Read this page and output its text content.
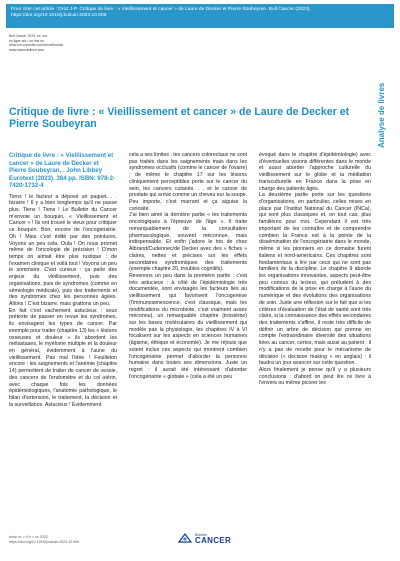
Pour citer cet article : Droz J-P. Critique de livre : « Vieillissement et cancer » de Laure de Decker et Pierre Soubeyran. Bull Cancer (2023), https://doi.org/10.1016/j.bulcan.2023.10.008
Bull Cancer 2023; xx: xxx
en ligne sur / on line on
www.em-consulte.com/revue/bulcan
www.sciencedirect.com
Analyse de livres
Critique de livre : « Vieillissement et cancer » de Laure de Decker et Pierre Soubeyran
Critique de livre : « Vieillissement et cancer » de Laure de Decker et Pierre Soubeyran, . John Libbey Eurotext (2023). 384 pp. ISBN: 978-2-7420-1732-4

Tiens ! le facteur a déposé un paquet. . . bizarre ! Il y a bien longtemps qu'il ne passe plus. Tiens ! Tiens ! Le Bulletin du Cancer m'envoie un bouquin, « Vieillissement et Cancer » ! Ils ont trouvé le vieux pour critiquer ce bouquin. Bon, encore de l'oncogériatrie. Oh ! Mais c'est édité par des pointures. Voyons un peu cela. Oula ! On nous promet même de l'oncologie de précision ! D'mon temps on aimait être plus rustique : de l'examen clinique et voilà tout ! Voyons un peu le sommaire. C'est curieux : ça parle des enjeux du vieillissement, puis des organisations, puis de syndromes (comme en sémiologie médicale), puis des traitements et des syndromes chez les personnes âgées. Allons ! C'est bizarre, mais grattons un peu.

En fait c'est vachement astucieux : sous prétexte de passer en revue les syndromes, ils envisagent les types de cancer. Par exemple pour traiter (chapitre 13) les « lésions osseuses et douleur » ils abordent les métastases, le myélome multiple et la douleur en général, évidemment à l'aune du vieillissement. Pas mal l'idée ! Feuilleton encore : les saignements et l'anémie (chapitre 14) permettent de traiter de cancer de vessie, des cancers de l'endomètre et du col utérin, avec chaque fois les données épidémiologiques, l'anatomie pathologique, le bilan d'extension, le traitement, la décision et la surveillance. Astucieux ! Évidemment

cela a ses limites : les cancers colorectaux ne sont pas traités dans les saignements mais dans les syndromes occlusifs (comme le cancer de l'ovaire) ; de même le chapitre 17 sur les lésions cliniquement perceptibles porte sur le cancer du sein, les cancers cutanés. . . et le cancer de prostate qui arrive comme un cheveu sur la soupe. Peu importe, c'est marrant et ça aiguise la curiosité.

J'ai bien aimé la dernière partie « les traitements oncologiques à l'épreuve de l'âge ». Il traite remarquablement de la consultation pharmacologique, souvent méconnue, mais indispensable. Et enfin j'adore le trio de chez Albrand/Cudennec/de Decker avec des « fiches » claires, nettes et précises sur les effets secondaires syndromiques des traitements (exemple chapitre 20, troubles cognitifs).

Revenons un peu dans la première partie : c'est très astucieux : à côté de l'épidémiologie très documentée, sont envisagés les facteurs liés au vieillissement qui favorisent l'oncogenèse (l'immunosenescence, c'est classique, mais les modifications du microbiote, c'est vraiment assez méconnu), un remarquable chapitre (troisième) sur les bases moléculaires du vieillissement qui modèle pas la physiologie, les chapitres IV à VI focalisent sur les aspects en sciences humaines (âgisme, éthique et économie). Je me réjouis que soient inclus ces aspects qui montrent combien l'oncogériatrie permet d'aborder la personne humaine dans toutes ses dimensions. Juste un regret : il aurait été intéressant d'aborder l'oncogériatrie « globale » (cela a été un peu

évoqué dans le chapitre d'épidémiologie) avec d'éventuelles visions différentes dans le monde et aussi aborder l'approche culturelle du vieillissement sur le globe et la médiation transculturelle en France dans la prise en charge des patients âgés.

La deuxième partie porte sur les questions d'organisations, en particulier, celles mises en place par l'Institut National du Cancer (INCa), qui sont plus classiques et, on tout cas, plus familières pour moi. Cependant il est très important de les connaître et de comprendre combien la France est à la pointe de la dissémination de l'oncogériatrie dans le monde, même si les pionniers en ce domaine furent italiens et nord-américains. Ces chapitres sont fondamentaux à lire par ceux qui ne sont pas familiers de la discipline. Le chapitre 9 aborde les organisations innovantes, aspects peut-être peu connus du lecteur, qui préludent à des modifications de la prise en charge à l'aune du numérique et des évolutions des organisations de soin. Juste une réflexion sur le fait que si les critères d'évaluation de l'état de santé sont très clairs, si la connaissance des effets secondaires des traitements s'affine, il reste très difficile de définir un arbre de décision qui prenne en compte l'extraordinaire diversité des situations liées au cancer, certes, mais aussi au patient : il n'y a pas de recette pour le mécanisme de décision (« decision making » en anglais) : il faudra un jour avancer sur cette question.

Alors finalement je pense qu'il y a plusieurs conclusions : d'abord on peut lire ce livre à l'envers ou même picorer les

tome xx > n°x > xx 2023
https://doi.org/10.1016/j.bulcan.2023.10.008
Bulletin
CANCER
